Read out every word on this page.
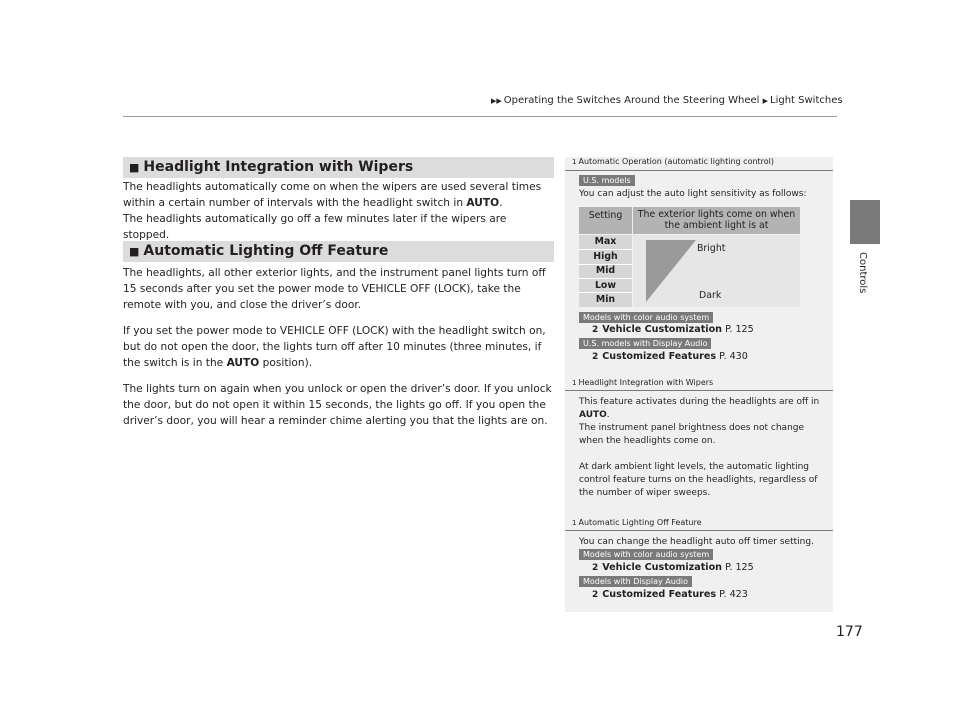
▶▶ Operating the Switches Around the Steering Wheel ▶ Light Switches
Controls
■ Headlight Integration with Wipers

The headlights automatically come on when the wipers are used several times within a certain number of intervals with the headlight switch in AUTO.

The headlights automatically go off a few minutes later if the wipers are stopped.

■ Automatic Lighting Off Feature

The headlights, all other exterior lights, and the instrument panel lights turn off 15 seconds after you set the power mode to VEHICLE OFF (LOCK), take the remote with you, and close the driver’s door.

If you set the power mode to VEHICLE OFF (LOCK) with the headlight switch on, but do not open the door, the lights turn off after 10 minutes (three minutes, if the switch is in the AUTO position).

The lights turn on again when you unlock or open the driver’s door. If you unlock the door, but do not open it within 15 seconds, the lights go off. If you open the driver’s door, you will hear a reminder chime alerting you that the lights are on.

1 Automatic Operation (automatic lighting control)
U.S. models
You can adjust the auto light sensitivity as follows:
Setting	The exterior lights come on when the ambient light is at
Max
High
Mid
Low
Min
Bright
Dark
Models with color audio system
2 Vehicle Customization P. 125
U.S. models with Display Audio
2 Customized Features P. 430
1 Headlight Integration with Wipers

This feature activates during the headlights are off in

AUTO.

The instrument panel brightness does not change when the headlights come on.

At dark ambient light levels, the automatic lighting control feature turns on the headlights, regardless of the number of wiper sweeps.

1 Automatic Lighting Off Feature
You can change the headlight auto off timer setting.
Models with color audio system
2 Vehicle Customization P. 125
Models with Display Audio
2 Customized Features P. 423
177
